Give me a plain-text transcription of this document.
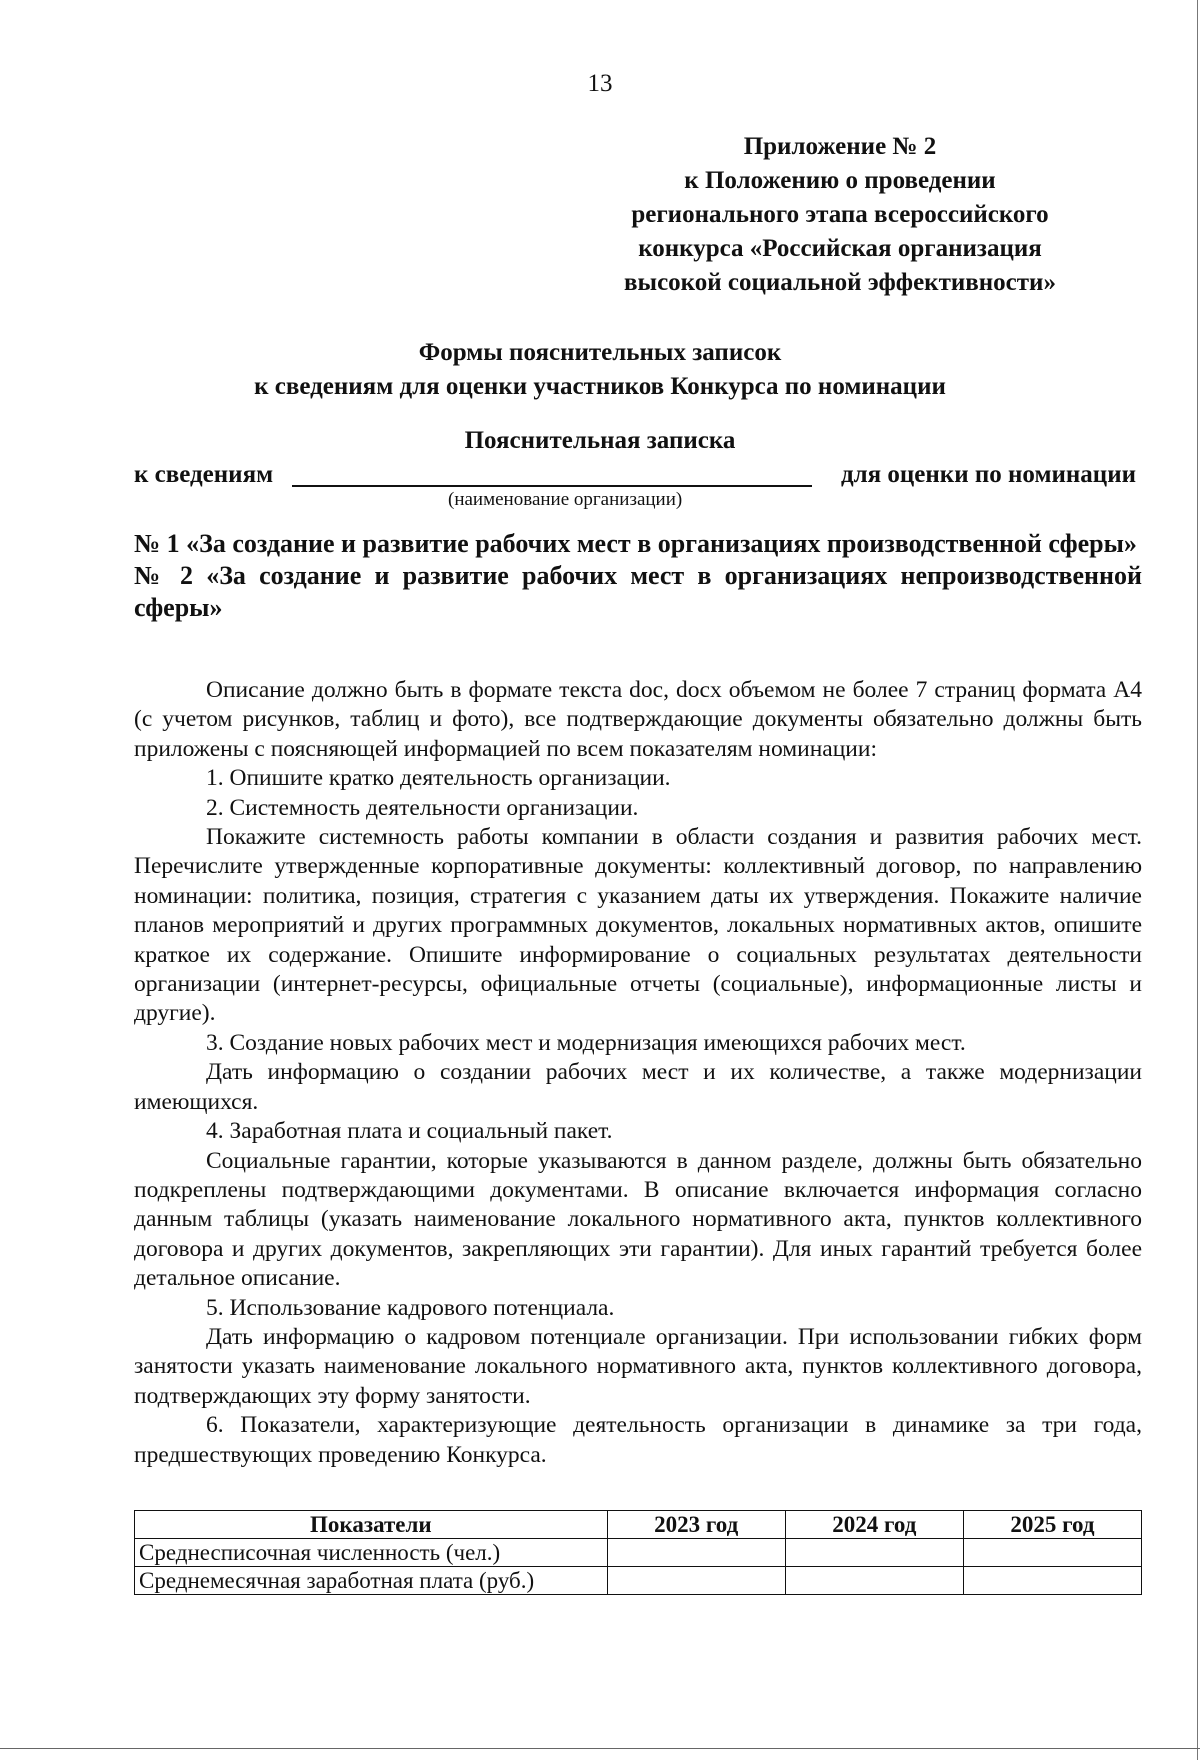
13
Приложение № 2
к Положению о проведении
регионального этапа всероссийского
конкурса «Российская организация
высокой социальной эффективности»
Формы пояснительных записок
к сведениям для оценки участников Конкурса по номинации
Пояснительная записка
к сведениям	для оценки по номинации
(наименование организации)

№ 1 «За создание и развитие рабочих мест в организациях производственной сферы»

№ 2 «За создание и развитие рабочих мест в организациях непроизводственной сферы»

Описание должно быть в формате текста doc, docx объемом не более 7 страниц формата А4 (с учетом рисунков, таблиц и фото), все подтверждающие документы обязательно должны быть приложены с поясняющей информацией по всем показателям номинации:

1. Опишите кратко деятельность организации.

2. Системность деятельности организации.

Покажите системность работы компании в области создания и развития рабочих мест. Перечислите утвержденные корпоративные документы: коллективный договор, по направлению номинации: политика, позиция, стратегия с указанием даты их утверждения. Покажите наличие планов мероприятий и других программных документов, локальных нормативных актов, опишите краткое их содержание. Опишите информирование о социальных результатах деятельности организации (интернет-ресурсы, официальные отчеты (социальные), информационные листы и другие).

3. Создание новых рабочих мест и модернизация имеющихся рабочих мест.

Дать информацию о создании рабочих мест и их количестве, а также модернизации имеющихся.

4. Заработная плата и социальный пакет.

Социальные гарантии, которые указываются в данном разделе, должны быть обязательно подкреплены подтверждающими документами. В описание включается информация согласно данным таблицы (указать наименование локального нормативного акта, пунктов коллективного договора и других документов, закрепляющих эти гарантии). Для иных гарантий требуется более детальное описание.

5. Использование кадрового потенциала.

Дать информацию о кадровом потенциале организации. При использовании гибких форм занятости указать наименование локального нормативного акта, пунктов коллективного договора, подтверждающих эту форму занятости.

6. Показатели, характеризующие деятельность организации в динамике за три года, предшествующих проведению Конкурса.

Показатели	2023 год	2024 год	2025 год
Среднесписочная численность (чел.)			
Среднемесячная заработная плата (руб.)			
